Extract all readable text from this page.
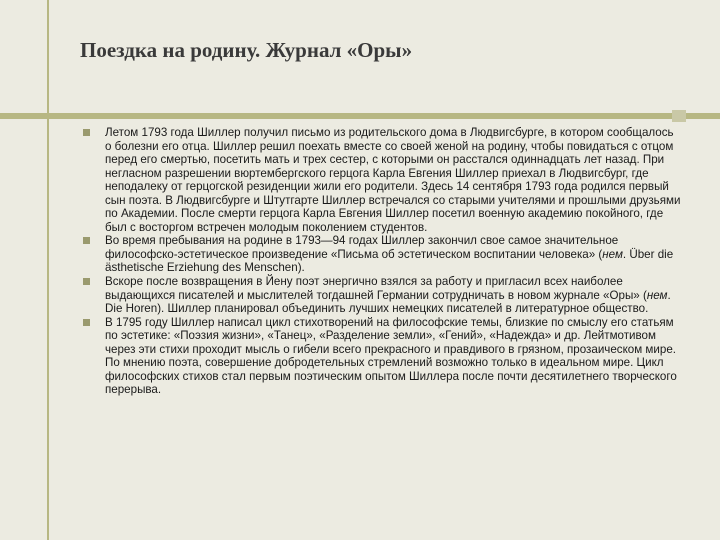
Поездка на родину. Журнал «Оры»
Летом 1793 года Шиллер получил письмо из родительского дома в Людвигсбурге, в котором сообщалось о болезни его отца. Шиллер решил поехать вместе со своей женой на родину, чтобы повидаться с отцом перед его смертью, посетить мать и трех сестер, с которыми он расстался одиннадцать лет назад. При негласном разрешении вюртембергского герцога Карла Евгения Шиллер приехал в Людвигсбург, где неподалеку от герцогской резиденции жили его родители. Здесь 14 сентября 1793 года родился первый сын поэта. В Людвигсбурге и Штутгарте Шиллер встречался со старыми учителями и прошлыми друзьями по Академии. После смерти герцога Карла Евгения Шиллер посетил военную академию покойного, где был с восторгом встречен молодым поколением студентов.
Во время пребывания на родине в 1793—94 годах Шиллер закончил свое самое значительное философско-эстетическое произведение «Письма об эстетическом воспитании человека» (нем. Über die ästhetische Erziehung des Menschen).
Вскоре после возвращения в Йену поэт энергично взялся за работу и пригласил всех наиболее выдающихся писателей и мыслителей тогдашней Германии сотрудничать в новом журнале «Оры» (нем. Die Horen). Шиллер планировал объединить лучших немецких писателей в литературное общество.
В 1795 году Шиллер написал цикл стихотворений на философские темы, близкие по смыслу его статьям по эстетике: «Поэзия жизни», «Танец», «Разделение земли», «Гений», «Надежда» и др. Лейтмотивом через эти стихи проходит мысль о гибели всего прекрасного и правдивого в грязном, прозаическом мире. По мнению поэта, совершение добродетельных стремлений возможно только в идеальном мире. Цикл философских стихов стал первым поэтическим опытом Шиллера после почти десятилетнего творческого перерыва.
